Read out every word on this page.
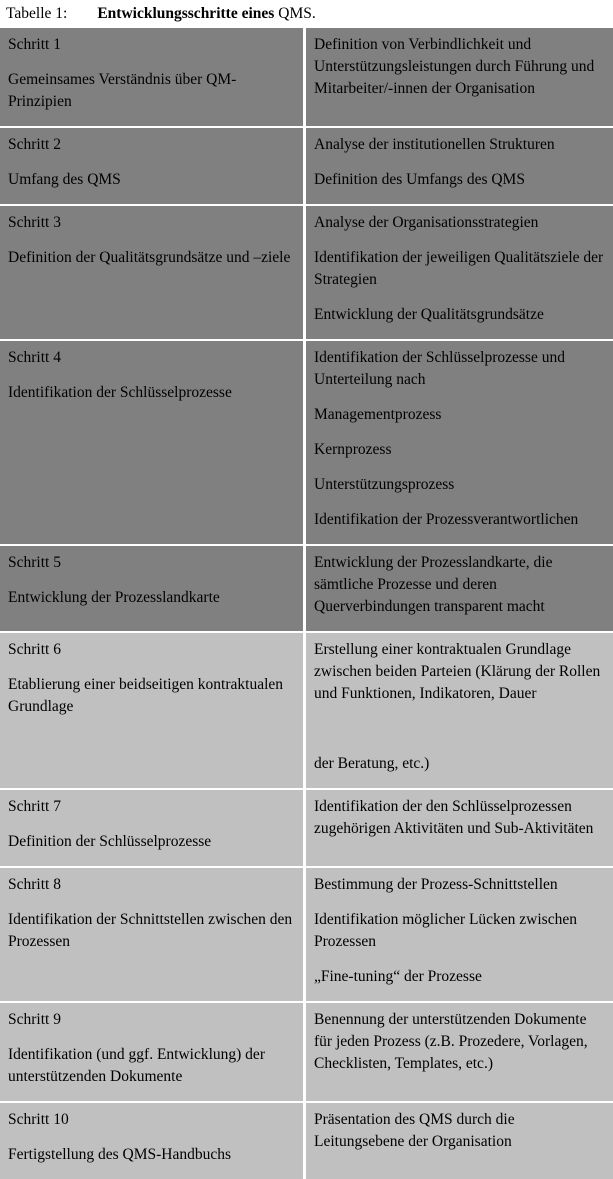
Tabelle 1: Entwicklungsschritte eines QMS.

Schritt 1

Gemeinsames Verständnis über QM-Prinzipien

Definition von Verbindlichkeit und Unterstützungsleistungen durch Führung und Mitarbeiter/-innen der Organisation

Schritt 2

Umfang des QMS

Analyse der institutionellen Strukturen

Definition des Umfangs des QMS

Schritt 3

Definition der Qualitätsgrundsätze und –ziele

Analyse der Organisationsstrategien

Identifikation der jeweiligen Qualitätsziele der Strategien

Entwicklung der Qualitätsgrundsätze

Schritt 4

Identifikation der Schlüsselprozesse

Identifikation der Schlüsselprozesse und Unterteilung nach

Managementprozess

Kernprozess

Unterstützungsprozess

Identifikation der Prozessverantwortlichen

Schritt 5

Entwicklung der Prozesslandkarte

Entwicklung der Prozesslandkarte, die sämtliche Prozesse und deren Querverbindungen transparent macht

Schritt 6

Etablierung einer beidseitigen kontraktualen Grundlage

Erstellung einer kontraktualen Grundlage zwischen beiden Parteien (Klärung der Rollen und Funktionen, Indikatoren, Dauer

der Beratung, etc.)

Schritt 7

Definition der Schlüsselprozesse

Identifikation der den Schlüsselprozessen zugehörigen Aktivitäten und Sub-Aktivitäten

Schritt 8

Identifikation der Schnittstellen zwischen den Prozessen

Bestimmung der Prozess-Schnittstellen

Identifikation möglicher Lücken zwischen Prozessen

„Fine-tuning“ der Prozesse

Schritt 9

Identifikation (und ggf. Entwicklung) der unterstützenden Dokumente

Benennung der unterstützenden Dokumente für jeden Prozess (z.B. Prozedere, Vorlagen, Checklisten, Templates, etc.)

Schritt 10

Fertigstellung des QMS-Handbuchs

Präsentation des QMS durch die Leitungsebene der Organisation
